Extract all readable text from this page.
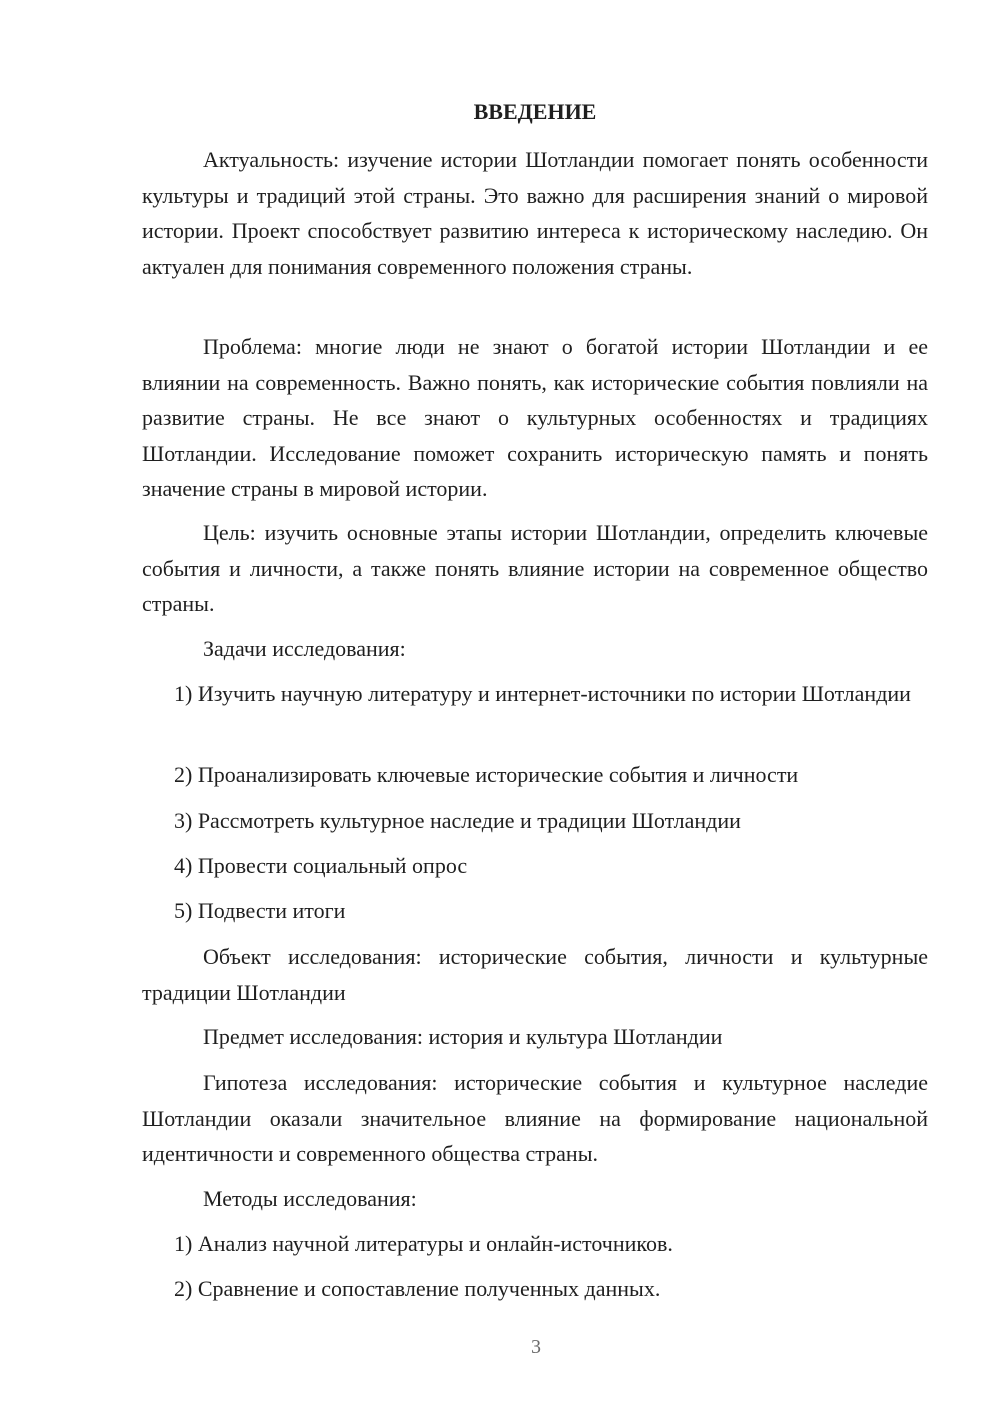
ВВЕДЕНИЕ

Актуальность: изучение истории Шотландии помогает понять особенности культуры и традиций этой страны. Это важно для расширения знаний о мировой истории. Проект способствует развитию интереса к историческому наследию. Он актуален для понимания современного положения страны.

Проблема: многие люди не знают о богатой истории Шотландии и ее влиянии на современность. Важно понять, как исторические события повлияли на развитие страны. Не все знают о культурных особенностях и традициях Шотландии. Исследование поможет сохранить историческую память и понять значение страны в мировой истории.

Цель: изучить основные этапы истории Шотландии, определить ключевые события и личности, а также понять влияние истории на современное общество страны.

Задачи исследования:

1) Изучить научную литературу и интернет-источники по истории Шотландии

2) Проанализировать ключевые исторические события и личности

3) Рассмотреть культурное наследие и традиции Шотландии

4) Провести социальный опрос

5) Подвести итоги

Объект исследования: исторические события, личности и культурные традиции Шотландии

Предмет исследования: история и культура Шотландии

Гипотеза исследования: исторические события и культурное наследие Шотландии оказали значительное влияние на формирование национальной идентичности и современного общества страны.

Методы исследования:

1) Анализ научной литературы и онлайн-источников.

2) Сравнение и сопоставление полученных данных.

3
